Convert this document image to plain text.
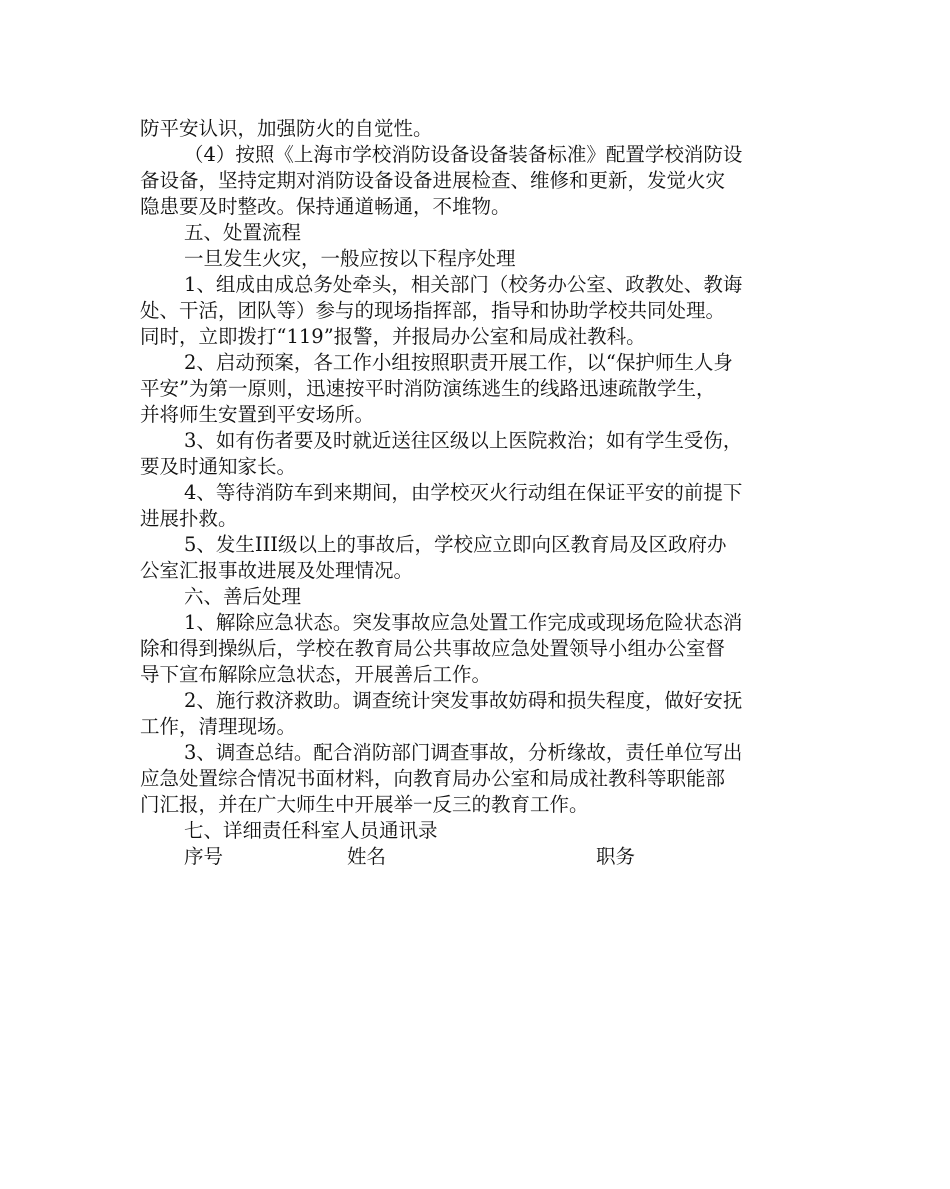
防平安认识，加强防火的自觉性。

（4）按照《上海市学校消防设备设备装备标准》配置学校消防设

备设备，坚持定期对消防设备设备进展检查、维修和更新，发觉火灾

隐患要及时整改。保持通道畅通，不堆物。

五、处置流程

一旦发生火灾，一般应按以下程序处理

1、组成由成总务处牵头，相关部门（校务办公室、政教处、教诲

处、干活，团队等）参与的现场指挥部，指导和协助学校共同处理。

同时，立即拨打“119”报警，并报局办公室和局成社教科。

2、启动预案，各工作小组按照职责开展工作，以“保护师生人身

平安”为第一原则，迅速按平时消防演练逃生的线路迅速疏散学生，

并将师生安置到平安场所。

3、如有伤者要及时就近送往区级以上医院救治；如有学生受伤，

要及时通知家长。

4、等待消防车到来期间，由学校灭火行动组在保证平安的前提下

进展扑救。

5、发生III级以上的事故后，学校应立即向区教育局及区政府办

公室汇报事故进展及处理情况。

六、善后处理

1、解除应急状态。突发事故应急处置工作完成或现场危险状态消

除和得到操纵后，学校在教育局公共事故应急处置领导小组办公室督

导下宣布解除应急状态，开展善后工作。

2、施行救济救助。调查统计突发事故妨碍和损失程度，做好安抚

工作，清理现场。

3、调查总结。配合消防部门调查事故，分析缘故，责任单位写出

应急处置综合情况书面材料，向教育局办公室和局成社教科等职能部

门汇报，并在广大师生中开展举一反三的教育工作。

七、详细责任科室人员通讯录

序号	姓名	职务
